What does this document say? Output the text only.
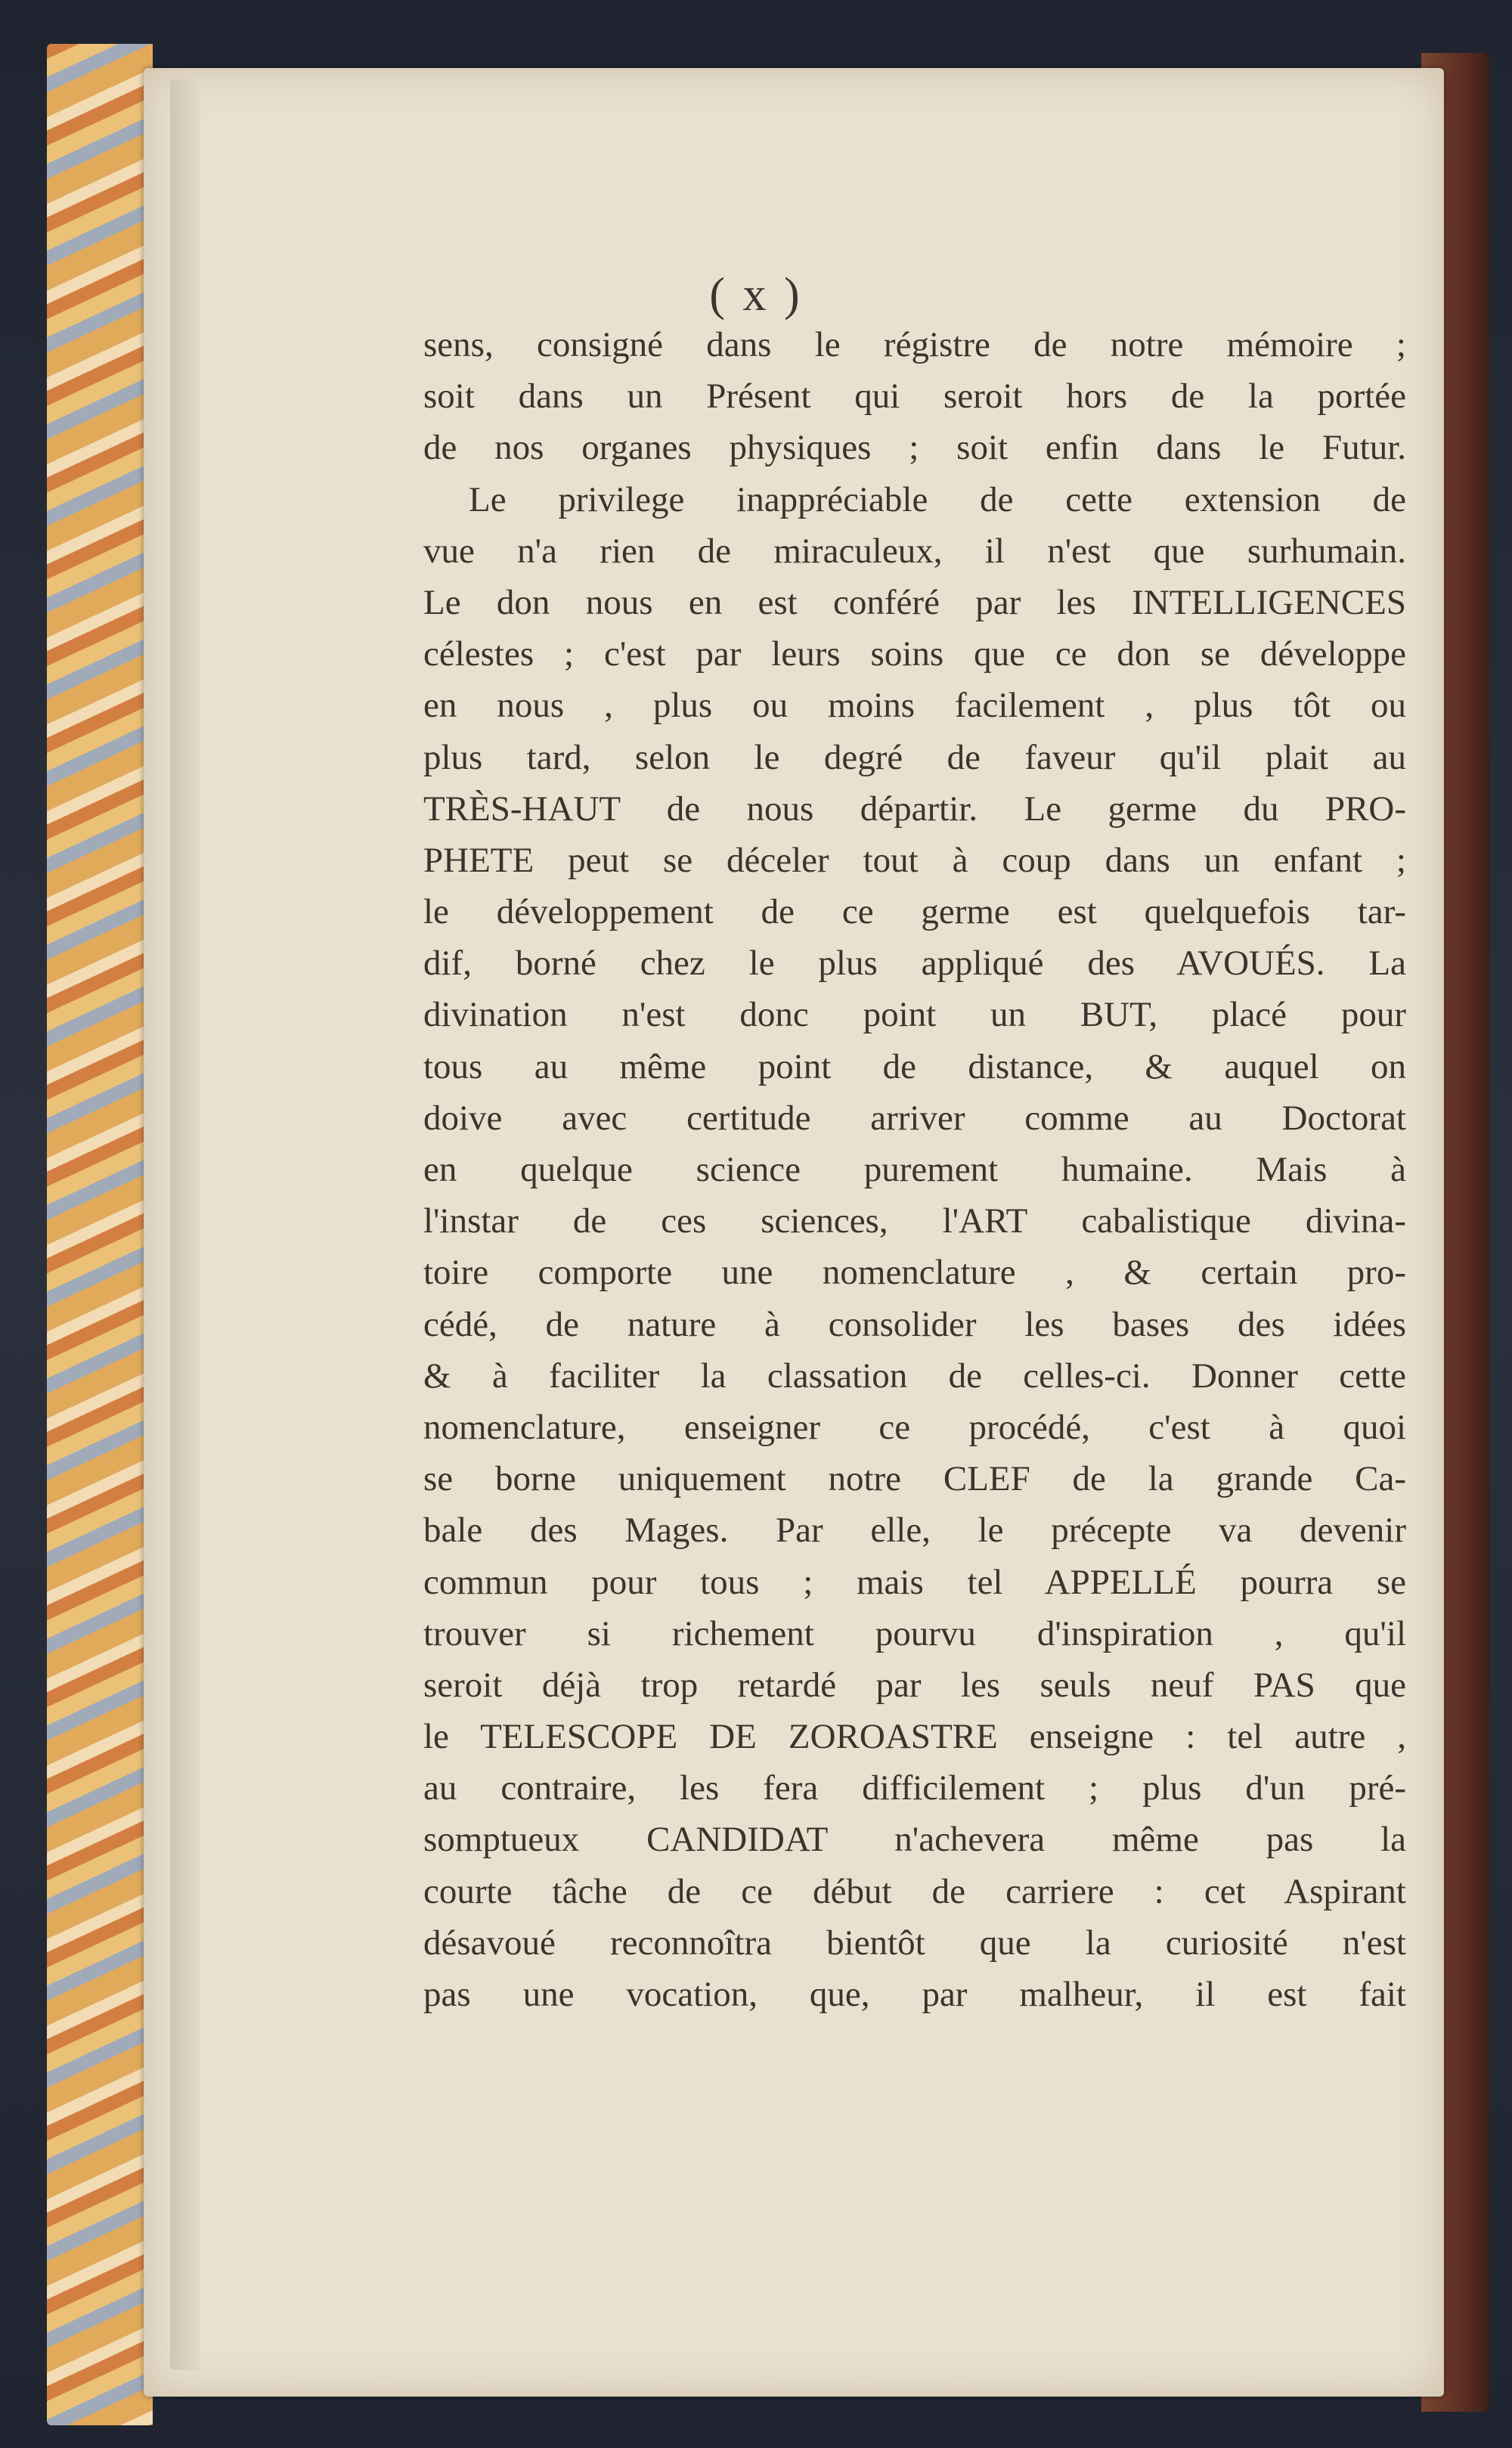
( x )
sens, consigné dans le régistre de notre mémoire ;
soit dans un Présent qui seroit hors de la portée
de nos organes physiques ; soit enfin dans le Futur.
Le privilege inappréciable de cette extension de
vue n'a rien de miraculeux, il n'est que surhumain.
Le don nous en est conféré par les INTELLIGENCES
célestes ; c'est par leurs soins que ce don se développe
en nous , plus ou moins facilement , plus tôt ou
plus tard, selon le degré de faveur qu'il plait au
TRÈS-HAUT de nous départir. Le germe du PRO-
PHETE peut se déceler tout à coup dans un enfant ;
le développement de ce germe est quelquefois tar-
dif, borné chez le plus appliqué des AVOUÉS. La
divination n'est donc point un BUT, placé pour
tous au même point de distance, & auquel on
doive avec certitude arriver comme au Doctorat
en quelque science purement humaine. Mais à
l'instar de ces sciences, l'ART cabalistique divina-
toire comporte une nomenclature , & certain pro-
cédé, de nature à consolider les bases des idées
& à faciliter la classation de celles-ci. Donner cette
nomenclature, enseigner ce procédé, c'est à quoi
se borne uniquement notre CLEF de la grande Ca-
bale des Mages. Par elle, le précepte va devenir
commun pour tous ; mais tel APPELLÉ pourra se
trouver si richement pourvu d'inspiration , qu'il
seroit déjà trop retardé par les seuls neuf PAS que
le TELESCOPE DE ZOROASTRE enseigne : tel autre ,
au contraire, les fera difficilement ; plus d'un pré-
somptueux CANDIDAT n'achevera même pas la
courte tâche de ce début de carriere : cet Aspirant
désavoué reconnoîtra bientôt que la curiosité n'est
pas une vocation, que, par malheur, il est fait
